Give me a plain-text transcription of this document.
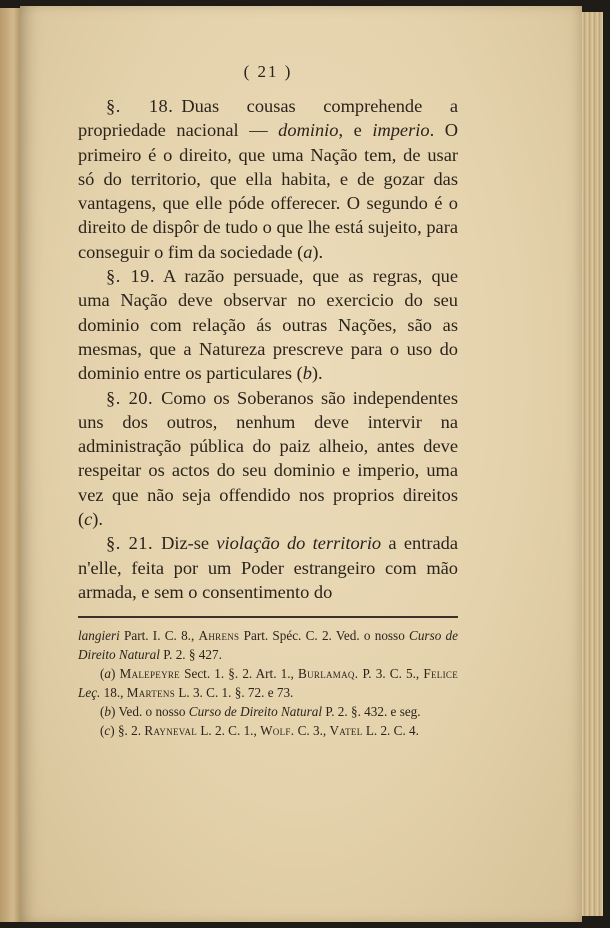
( 21 )

§. 18. Duas cousas comprehende a propriedade nacional — dominio, e imperio. O primeiro é o direito, que uma Nação tem, de usar só do territorio, que ella habita, e de gozar das vantagens, que elle póde offerecer. O segundo é o direito de dispôr de tudo o que lhe está sujeito, para conseguir o fim da sociedade (a).

§. 19. A razão persuade, que as regras, que uma Nação deve observar no exercicio do seu dominio com relação ás outras Nações, são as mesmas, que a Natureza prescreve para o uso do dominio entre os particulares (b).

§. 20. Como os Soberanos são independentes uns dos outros, nenhum deve intervir na administração pública do paiz alheio, antes deve respeitar os actos do seu dominio e imperio, uma vez que não seja offendido nos proprios direitos (c).

§. 21. Diz-se violação do territorio a entrada n'elle, feita por um Poder estrangeiro com mão armada, e sem o consentimento do

langieri Part. I. C. 8., Ahrens Part. Spéc. C. 2. Ved. o nosso Curso de Direito Natural P. 2. § 427.

(a) Malepeyre Sect. 1. §. 2. Art. 1., Burlamaq. P. 3. C. 5., Felice Leç. 18., Martens L. 3. C. 1. §. 72. e 73.

(b) Ved. o nosso Curso de Direito Natural P. 2. §. 432. e seg.

(c) §. 2. Rayneval L. 2. C. 1., Wolf. C. 3., Vatel L. 2. C. 4.
